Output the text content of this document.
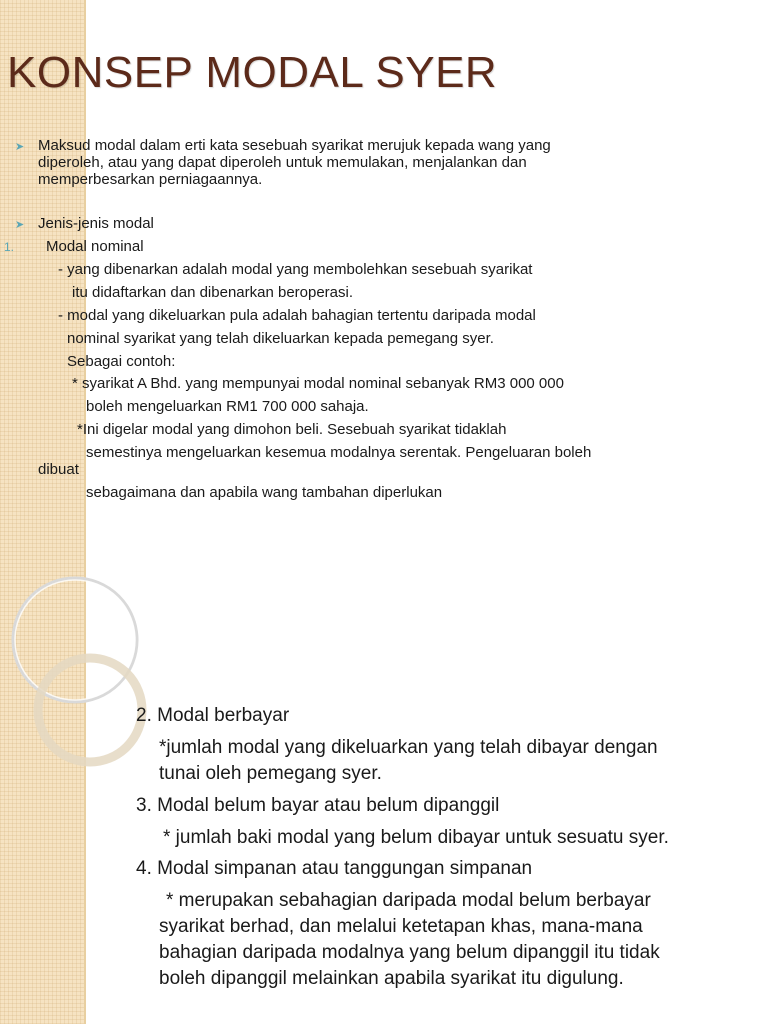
KONSEP MODAL SYER
➤ Maksud modal dalam erti kata sesebuah syarikat merujuk kepada wang yang
diperoleh, atau yang dapat diperoleh untuk memulakan, menjalankan dan
memperbesarkan perniagaannya.
➤ Jenis-jenis modal
1. Modal nominal
- yang dibenarkan adalah modal yang membolehkan sesebuah syarikat
itu didaftarkan dan dibenarkan beroperasi.
- modal yang dikeluarkan pula adalah bahagian tertentu daripada modal
nominal syarikat yang telah dikeluarkan kepada pemegang syer.
Sebagai contoh:
* syarikat A Bhd. yang mempunyai modal nominal sebanyak RM3 000 000
boleh mengeluarkan RM1 700 000 sahaja.
*Ini digelar modal yang dimohon beli. Sesebuah syarikat tidaklah
semestinya mengeluarkan kesemua modalnya serentak. Pengeluaran boleh
dibuat
sebagaimana dan apabila wang tambahan diperlukan
2. Modal berbayar
*jumlah modal yang dikeluarkan yang telah dibayar dengan
tunai oleh pemegang syer.
3. Modal belum bayar atau belum dipanggil
* jumlah baki modal yang belum dibayar untuk sesuatu syer.
4. Modal simpanan atau tanggungan simpanan
* merupakan sebahagian daripada modal belum berbayar
syarikat berhad, dan melalui ketetapan khas, mana-mana
bahagian daripada modalnya yang belum dipanggil itu tidak
boleh dipanggil melainkan apabila syarikat itu digulung.
